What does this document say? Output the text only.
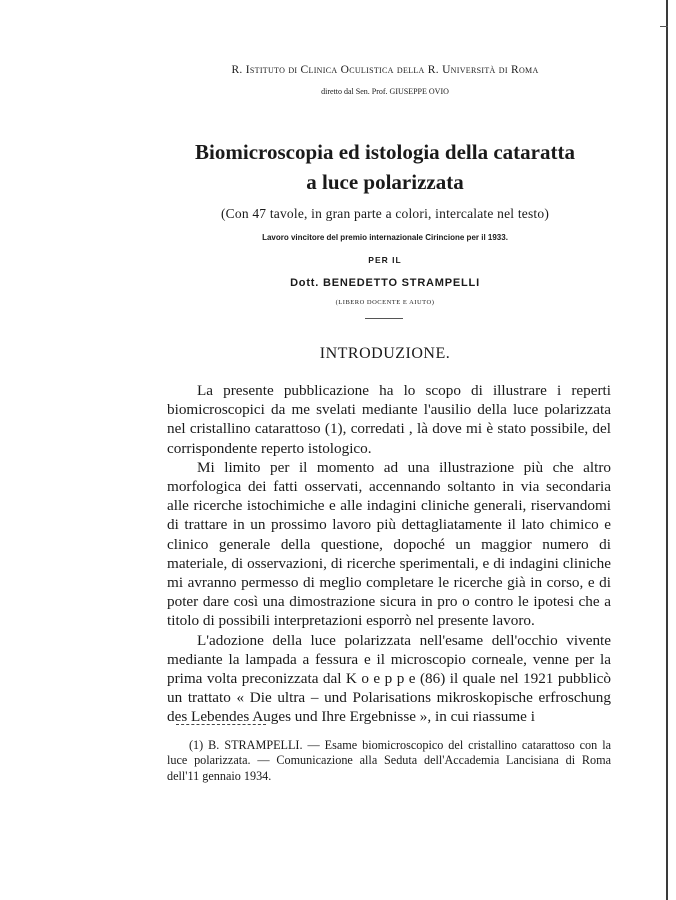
R. Istituto di Clinica Oculistica della R. Università di Roma
diretto dal Sen. Prof. GIUSEPPE OVIO
Biomicroscopia ed istologia della cataratta
a luce polarizzata
(Con 47 tavole, in gran parte a colori, intercalate nel testo)
Lavoro vincitore del premio internazionale Cirincione per il 1933.
PER IL
Dott. BENEDETTO STRAMPELLI
(LIBERO DOCENTE E AIUTO)
INTRODUZIONE.

La presente pubblicazione ha lo scopo di illustrare i reperti biomicroscopici da me svelati mediante l'ausilio della luce polarizzata nel cristallino catarattoso (1), corredati , là dove mi è stato possibile, del corrispondente reperto istologico.

Mi limito per il momento ad una illustrazione più che altro morfologica dei fatti osservati, accennando soltanto in via secondaria alle ricerche istochimiche e alle indagini cliniche generali, riservandomi di trattare in un prossimo lavoro più dettagliatamente il lato chimico e clinico generale della questione, dopoché un maggior numero di materiale, di osservazioni, di ricerche sperimentali, e di indagini cliniche mi avranno permesso di meglio completare le ricerche già in corso, e di poter dare così una dimostrazione sicura in pro o contro le ipotesi che a titolo di possibili interpretazioni esporrò nel presente lavoro.

L'adozione della luce polarizzata nell'esame dell'occhio vivente mediante la lampada a fessura e il microscopio corneale, venne per la prima volta preconizzata dal K o e p p e (86) il quale nel 1921 pubblicò un trattato « Die ultra – und Polarisations mikroskopische erfroschung des Lebendes Auges und Ihre Ergebnisse », in cui riassume i

(1) B. STRAMPELLI. — Esame biomicroscopico del cristallino catarattoso con la luce polarizzata. — Comunicazione alla Seduta dell'Accademia Lancisiana di Roma dell'11 gennaio 1934.
